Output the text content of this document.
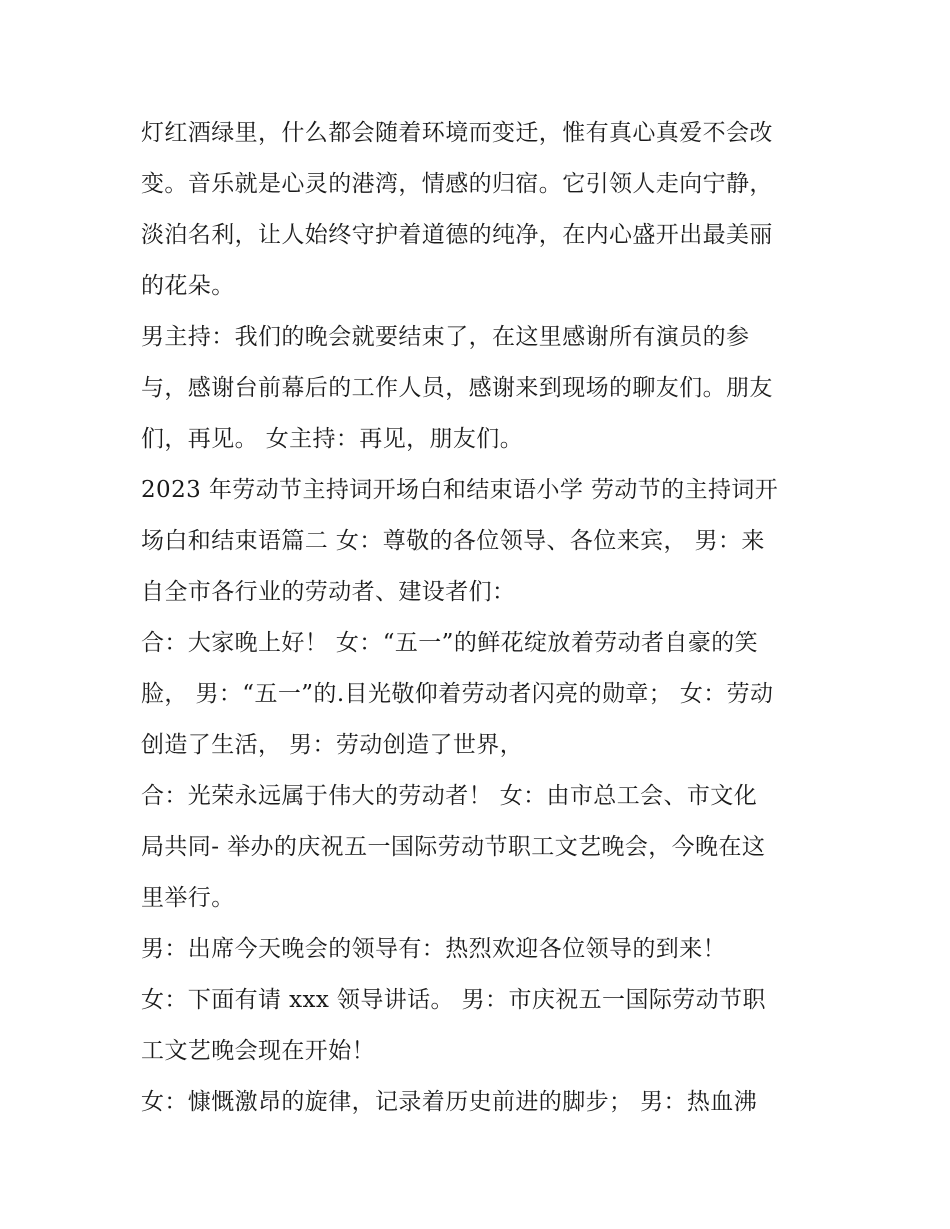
灯红酒绿里，什么都会随着环境而变迁，惟有真心真爱不会改
变。音乐就是心灵的港湾，情感的归宿。它引领人走向宁静，
淡泊名利，让人始终守护着道德的纯净，在内心盛开出最美丽
的花朵。
男主持：我们的晚会就要结束了，在这里感谢所有演员的参
与，感谢台前幕后的工作人员，感谢来到现场的聊友们。朋友
们，再见。 女主持：再见，朋友们。
2023 年劳动节主持词开场白和结束语小学 劳动节的主持词开
场白和结束语篇二 女：尊敬的各位领导、各位来宾， 男：来
自全市各行业的劳动者、建设者们：
合：大家晚上好！ 女：“五一”的鲜花绽放着劳动者自豪的笑
脸， 男：“五一”的.目光敬仰着劳动者闪亮的勋章； 女：劳动
创造了生活， 男：劳动创造了世界，
合：光荣永远属于伟大的劳动者！ 女：由市总工会、市文化
局共同- 举办的庆祝五一国际劳动节职工文艺晚会，今晚在这
里举行。
男：出席今天晚会的领导有：热烈欢迎各位领导的到来！
女：下面有请 xxx 领导讲话。 男：市庆祝五一国际劳动节职
工文艺晚会现在开始！
女：慷慨激昂的旋律，记录着历史前进的脚步； 男：热血沸
